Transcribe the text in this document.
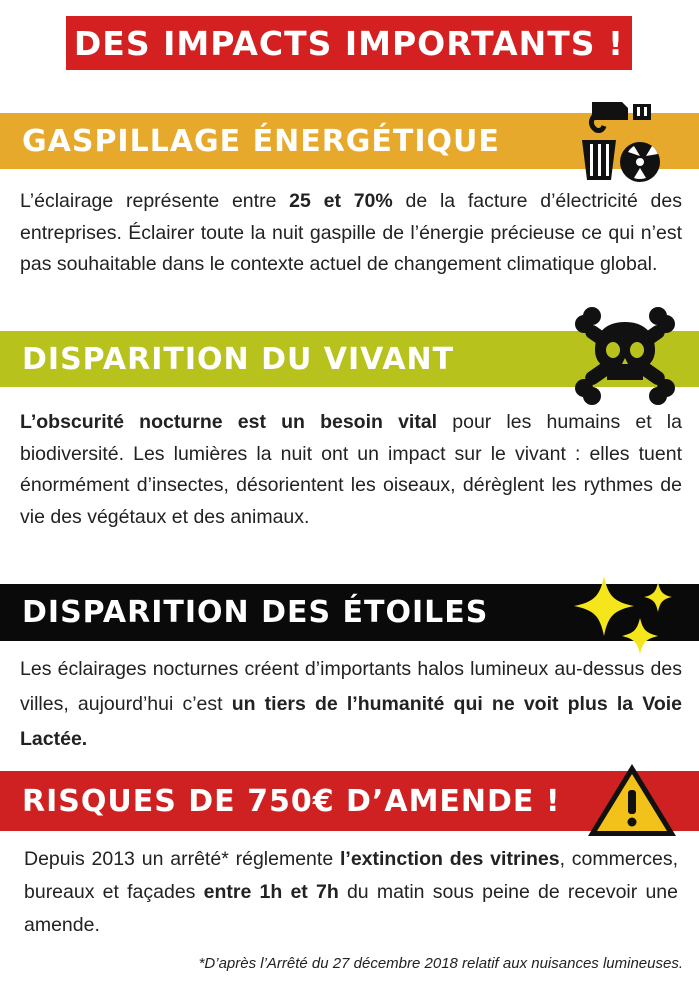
DES IMPACTS IMPORTANTS !
GASPILLAGE ÉNERGÉTIQUE
L’éclairage représente entre 25 et 70% de la facture d’électricité des entreprises. Éclairer toute la nuit gaspille de l’énergie précieuse ce qui n’est pas souhaitable dans le contexte actuel de changement climatique global.
DISPARITION DU VIVANT
L’obscurité nocturne est un besoin vital pour les humains et la biodiversité. Les lumières la nuit ont un impact sur le vivant : elles tuent énormément d’insectes, désorientent les oiseaux, dérèglent les rythmes de vie des végétaux et des animaux.
DISPARITION DES ÉTOILES
Les éclairages nocturnes créent d’importants halos lumineux au-dessus des villes, aujourd’hui c’est un tiers de l’humanité qui ne voit plus la Voie Lactée.
RISQUES DE 750€ D’AMENDE !
Depuis 2013 un arrêté* réglemente l’extinction des vitrines, commerces, bureaux et façades entre 1h et 7h du matin sous peine de recevoir une amende.
*D’après l’Arrêté du 27 décembre 2018 relatif aux nuisances lumineuses.
